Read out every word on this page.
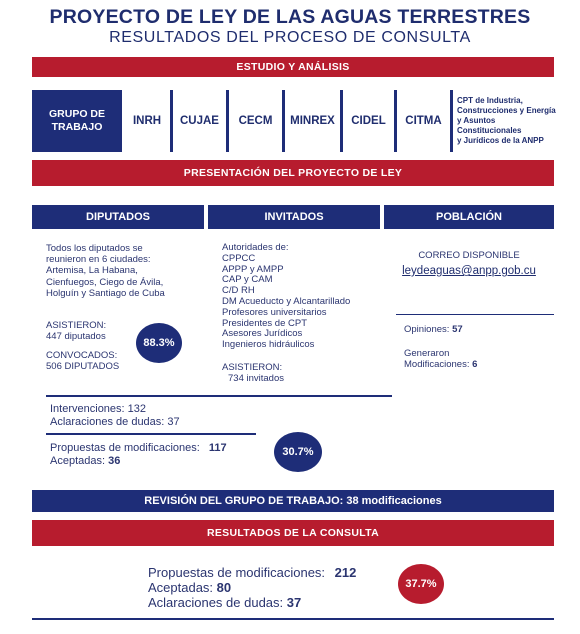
PROYECTO DE LEY DE LAS AGUAS TERRESTRES
RESULTADOS DEL PROCESO DE CONSULTA
ESTUDIO Y ANÁLISIS
GRUPO DE
TRABAJO	INRH	CUJAE	CECM	MINREX	CIDEL	CITMA
CPT de Industria,
Construcciones y Energía
y Asuntos Constitucionales
y Jurídicos de la ANPP
PRESENTACIÓN DEL PROYECTO DE LEY
DIPUTADOS	INVITADOS	POBLACIÓN
Todos los diputados se
reunieron en 6 ciudades:
Artemisa, La Habana,
Cienfuegos, Ciego de Ávila,
Holguín y Santiago de Cuba
ASISTIERON:
447 diputados
CONVOCADOS:
506 DIPUTADOS
88.3%
Autoridades de:
CPPCC
APPP y AMPP
CAP y CAM
C/D RH
DM Acueducto y Alcantarillado
Profesores universitarios
Presidentes de CPT
Asesores Jurídicos
Ingenieros hidráulicos
ASISTIERON:
734 invitados
CORREO DISPONIBLE
leydeaguas@anpp.gob.cu
Opiniones: 57
Generaron
Modificaciones: 6
Intervenciones: 132
Aclaraciones de dudas: 37
Propuestas de modificaciones: 117
Aceptadas: 36
30.7%
REVISIÓN DEL GRUPO DE TRABAJO: 38 modificaciones
RESULTADOS DE LA CONSULTA
Propuestas de modificaciones: 212
Aceptadas: 80
Aclaraciones de dudas: 37
37.7%
